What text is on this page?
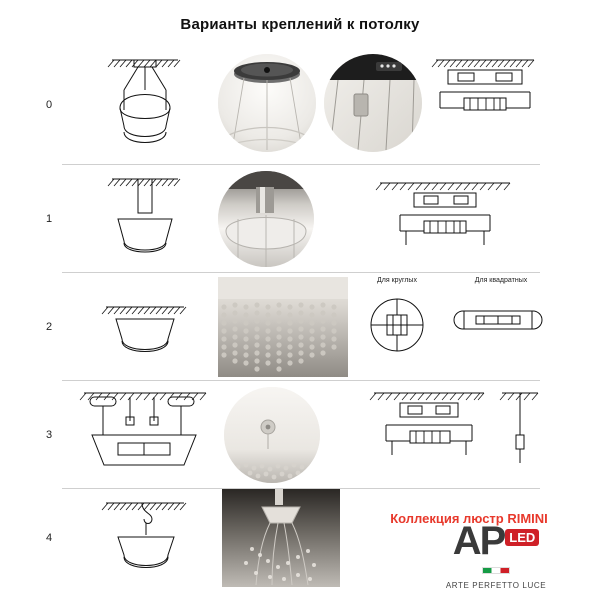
Варианты креплений к потолку
0
1
2
Для круглых	Для квадратных
3
4
Коллекция люстр RIMINI
AP LED
ARTE PERFETTO LUCE
